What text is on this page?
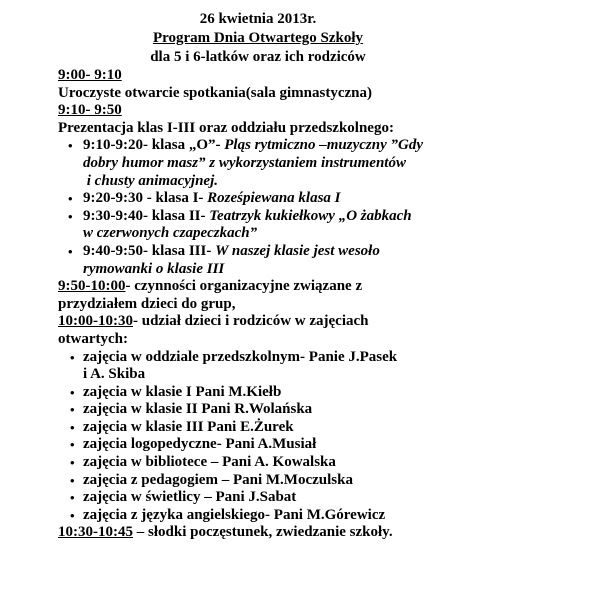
26 kwietnia 2013r.
Program Dnia Otwartego Szkoły
dla 5 i 6-latków oraz ich rodziców
9:00- 9:10
Uroczyste otwarcie spotkania(sala gimnastyczna)
9:10- 9:50
Prezentacja klas I-III oraz oddziału przedszkolnego:
• 9:10-9:20- klasa „O”- Pląs rytmiczno –muzyczny ”Gdy
dobry humor masz” z wykorzystaniem instrumentów
i chusty animacyjnej.
• 9:20-9:30 - klasa I- Roześpiewana klasa I
• 9:30-9:40- klasa II- Teatrzyk kukiełkowy „O żabkach
w czerwonych czapeczkach”
• 9:40-9:50- klasa III- W naszej klasie jest wesoło
rymowanki o klasie III
9:50-10:00- czynności organizacyjne związane z
przydziałem dzieci do grup,
10:00-10:30- udział dzieci i rodziców w zajęciach
otwartych:
• zajęcia w oddziale przedszkolnym- Panie J.Pasek
i A. Skiba
• zajęcia w klasie I Pani M.Kiełb
• zajęcia w klasie II Pani R.Wolańska
• zajęcia w klasie III Pani E.Żurek
• zajęcia logopedyczne- Pani A.Musiał
• zajęcia w bibliotece – Pani A. Kowalska
• zajęcia z pedagogiem – Pani M.Moczulska
• zajęcia w świetlicy – Pani J.Sabat
• zajęcia z języka angielskiego- Pani M.Górewicz
10:30-10:45 – słodki poczęstunek, zwiedzanie szkoły.
